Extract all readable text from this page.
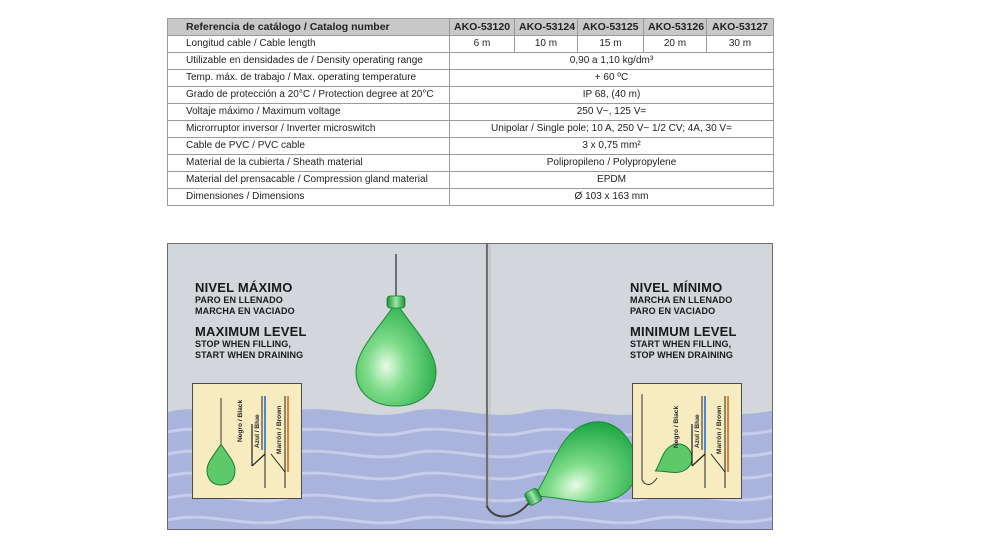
Referencia de catálogo / Catalog number	AKO-53120	AKO-53124	AKO-53125	AKO-53126	AKO-53127
Longitud cable / Cable length	6 m	10 m	15 m	20 m	30 m
Utilizable en densidades de / Density operating range	0,90 a 1,10 kg/dm³				
Temp. máx. de trabajo / Max. operating temperature	+ 60 ºC				
Grado de protección a 20°C / Protection degree at 20°C	IP 68, (40 m)				
Voltaje máximo / Maximum voltage	250 V~, 125 V=				
Microrruptor inversor / Inverter microswitch	Unipolar / Single pole; 10 A, 250 V~ 1/2 CV; 4A, 30 V=				
Cable de PVC / PVC cable	3 x 0,75 mm²				
Material de la cubierta / Sheath material	Polipropileno / Polypropylene				
Material del prensacable / Compression gland material	EPDM				
Dimensiones / Dimensions	Ø 103 x 163 mm				
NIVEL MÁXIMO
PARO EN LLENADO
MARCHA EN VACIADO
MAXIMUM LEVEL
STOP WHEN FILLING,
START WHEN DRAINING
NIVEL MÍNIMO
MARCHA EN LLENADO
PARO EN VACIADO
MINIMUM LEVEL
START WHEN FILLING,
STOP WHEN DRAINING
Negro / Black Azul / Blue Marrón / Brown	Negro / Black Azul / Blue Marrón / Brown
